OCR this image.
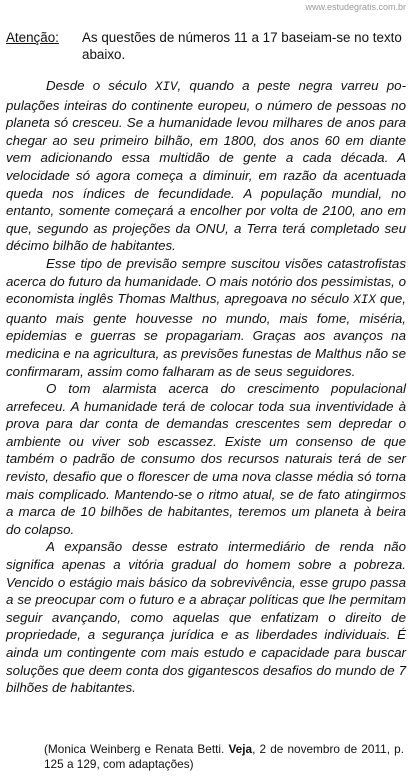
www.estudegratis.com.br
Atenção:	As questões de números 11 a 17 baseiam-se no texto abaixo.

Desde o século XIV, quando a peste negra varreu populações inteiras do continente europeu, o número de pessoas no planeta só cresceu. Se a humanidade levou milhares de anos para chegar ao seu primeiro bilhão, em 1800, dos anos 60 em diante vem adicionando essa multidão de gente a cada década. A velocidade só agora começa a diminuir, em razão da acentuada queda nos índices de fecundidade. A população mundial, no entanto, somente começará a encolher por volta de 2100, ano em que, segundo as projeções da ONU, a Terra terá completado seu décimo bilhão de habitantes.

Esse tipo de previsão sempre suscitou visões catastrofistas acerca do futuro da humanidade. O mais notório dos pessimistas, o economista inglês Thomas Malthus, apregoava no século XIX que, quanto mais gente houvesse no mundo, mais fome, miséria, epidemias e guerras se propagariam. Graças aos avanços na medicina e na agricultura, as previsões funestas de Malthus não se confirmaram, assim como falharam as de seus seguidores.

O tom alarmista acerca do crescimento populacional arrefeceu. A humanidade terá de colocar toda sua inventividade à prova para dar conta de demandas crescentes sem depredar o ambiente ou viver sob escassez. Existe um consenso de que também o padrão de consumo dos recursos naturais terá de ser revisto, desafio que o florescer de uma nova classe média só torna mais complicado. Mantendo-se o ritmo atual, se de fato atingirmos a marca de 10 bilhões de habitantes, teremos um planeta à beira do colapso.

A expansão desse estrato intermediário de renda não significa apenas a vitória gradual do homem sobre a pobreza. Vencido o estágio mais básico da sobrevivência, esse grupo passa a se preocupar com o futuro e a abraçar políticas que lhe permitam seguir avançando, como aquelas que enfatizam o direito de propriedade, a segurança jurídica e as liberdades individuais. É ainda um contingente com mais estudo e capacidade para buscar soluções que deem conta dos gigantescos desafios do mundo de 7 bilhões de habitantes.

(Monica Weinberg e Renata Betti. Veja, 2 de novembro de 2011, p. 125 a 129, com adaptações)
